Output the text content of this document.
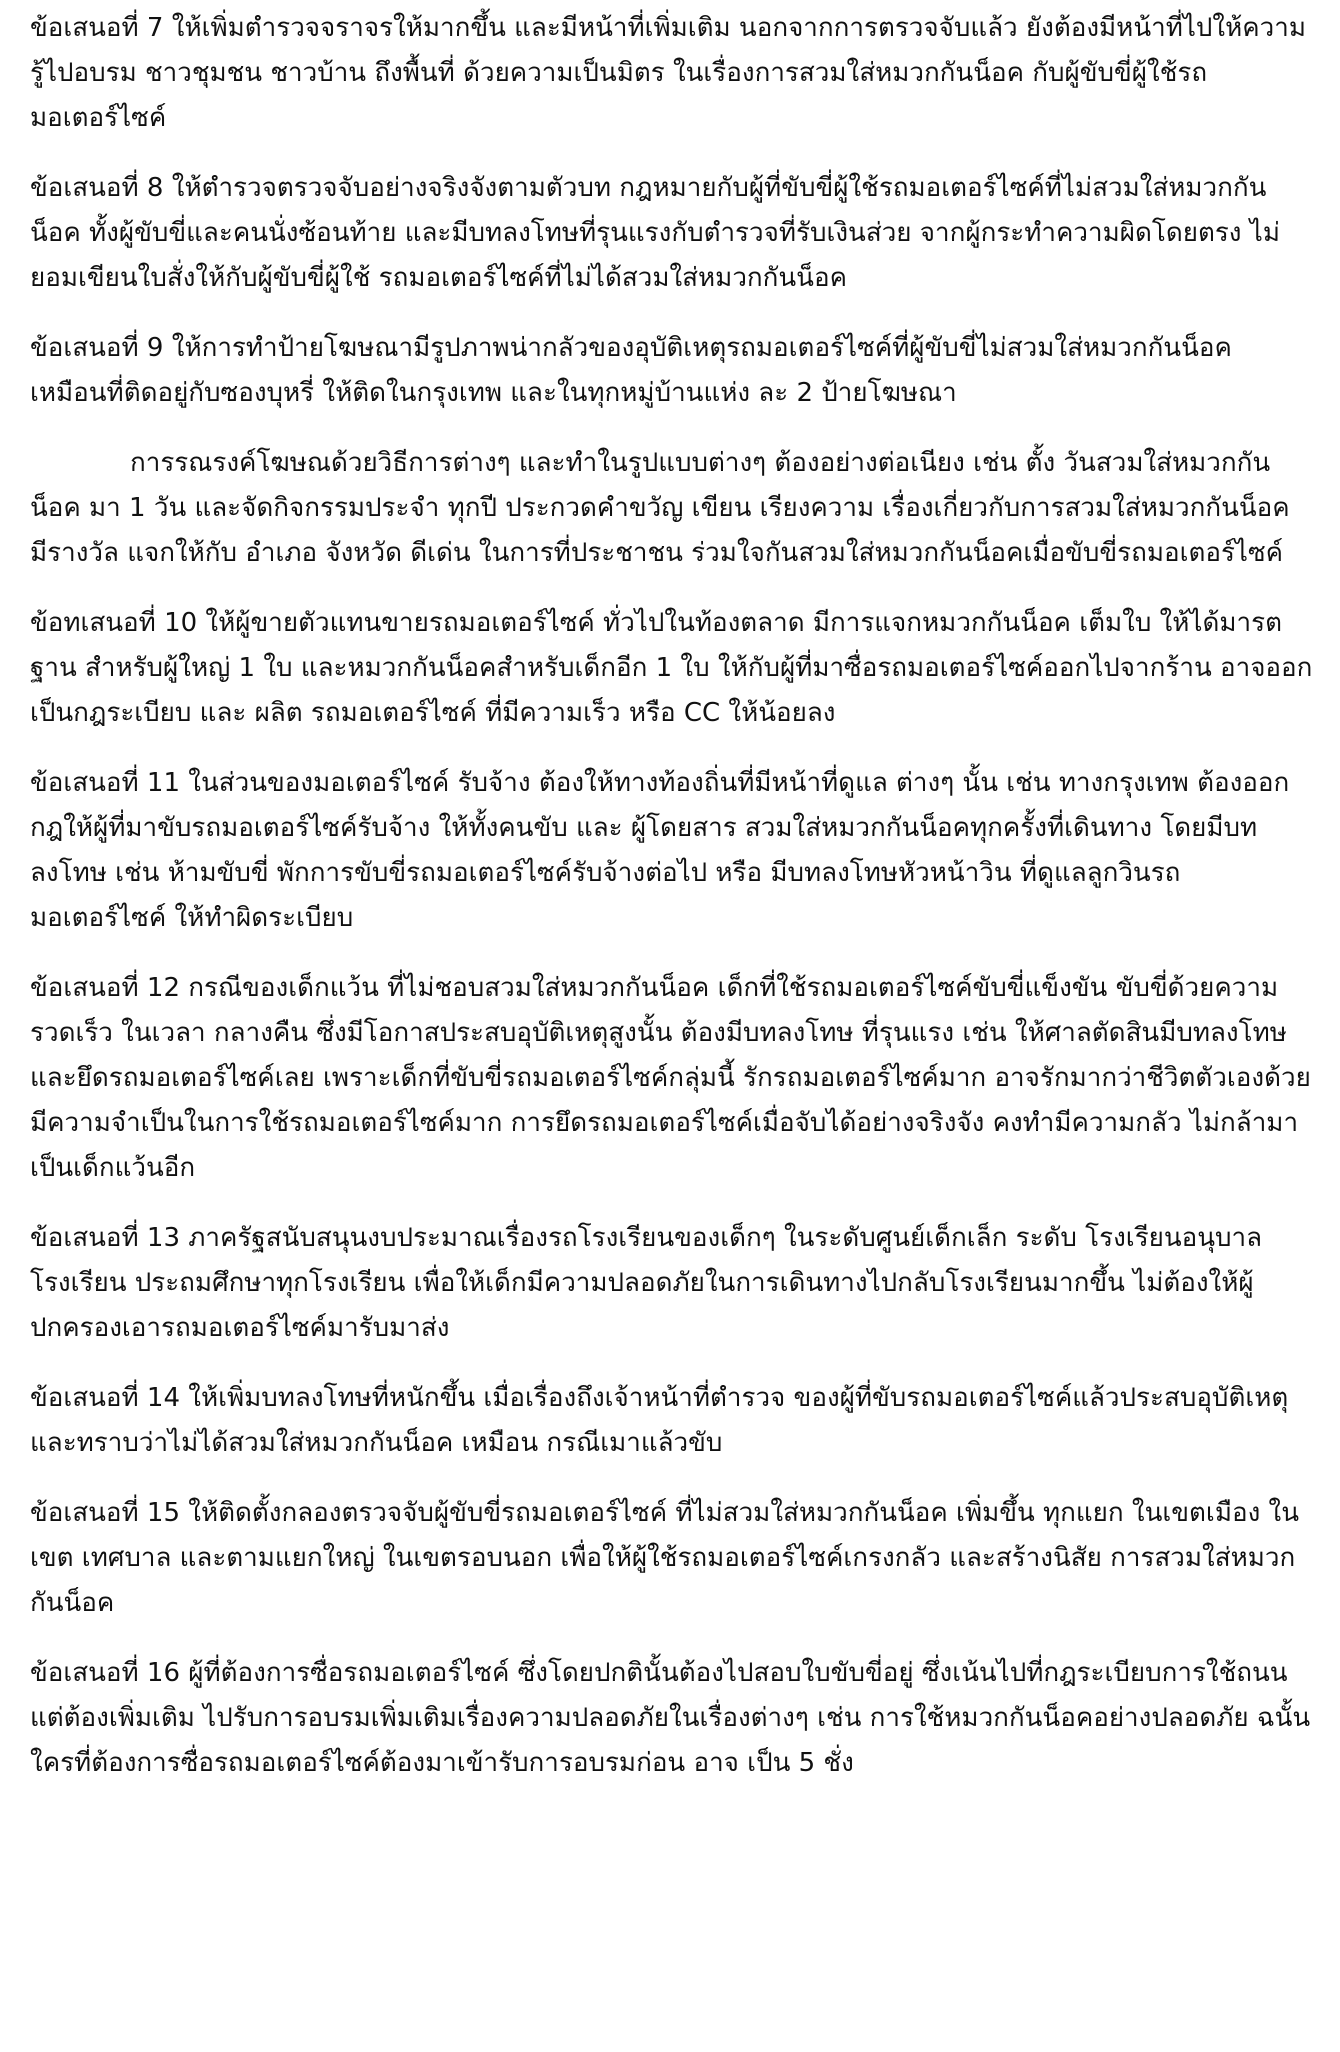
ข้อเสนอที่ 7 ให้เพิ่มตำรวจจราจรให้มากขึ้น และมีหน้าที่เพิ่มเติม นอกจากการตรวจจับแล้ว ยังต้องมีหน้าที่ไปให้ความรู้ไปอบรม ชาวชุมชน ชาวบ้าน ถึงพื้นที่ ด้วยความเป็นมิตร ในเรื่องการสวมใส่หมวกกันน็อค กับผู้ขับขี่ผู้ใช้รถมอเตอร์ไซค์

ข้อเสนอที่ 8 ให้ตำรวจตรวจจับอย่างจริงจังตามตัวบท กฎหมายกับผู้ที่ขับขี่ผู้ใช้รถมอเตอร์ไซค์ที่ไม่สวมใส่หมวกกันน็อค ทั้งผู้ขับขี่และคนนั่งซ้อนท้าย และมีบทลงโทษที่รุนแรงกับตำรวจที่รับเงินส่วย จากผู้กระทำความผิดโดยตรง ไม่ยอมเขียนใบสั่งให้กับผู้ขับขี่ผู้ใช้ รถมอเตอร์ไซค์ที่ไม่ได้สวมใส่หมวกกันน็อค

ข้อเสนอที่ 9 ให้การทำป้ายโฆษณามีรูปภาพน่ากลัวของอุบัติเหตุรถมอเตอร์ไซค์ที่ผู้ขับขี่ไม่สวมใส่หมวกกันน็อค เหมือนที่ติดอยู่กับซองบุหรี่ ให้ติดในกรุงเทพ และในทุกหมู่บ้านแห่ง ละ 2 ป้ายโฆษณา

การรณรงค์โฆษณด้วยวิธีการต่างๆ และทำในรูปแบบต่างๆ ต้องอย่างต่อเนียง เช่น ตั้ง วันสวมใส่หมวกกันน็อค มา 1 วัน และจัดกิจกรรมประจำ ทุกปี ประกวดคำขวัญ เขียน เรียงความ เรื่องเกี่ยวกับการสวมใส่หมวกกันน็อค มีรางวัล แจกให้กับ อำเภอ จังหวัด ดีเด่น ในการที่ประชาชน ร่วมใจกันสวมใส่หมวกกันน็อคเมื่อขับขี่รถมอเตอร์ไซค์

ข้อทเสนอที่ 10 ให้ผู้ขายตัวแทนขายรถมอเตอร์ไซค์ ทั่วไปในท้องตลาด มีการแจกหมวกกันน็อค เต็มใบ ให้ได้มารตฐาน สำหรับผู้ใหญ่ 1 ใบ และหมวกกันน็อคสำหรับเด็กอีก 1 ใบ ให้กับผู้ที่มาซื่อรถมอเตอร์ไซค์ออกไปจากร้าน อาจออกเป็นกฎระเบียบ และ ผลิต รถมอเตอร์ไซค์ ที่มีความเร็ว หรือ CC ให้น้อยลง

ข้อเสนอที่ 11 ในส่วนของมอเตอร์ไซค์ รับจ้าง ต้องให้ทางท้องถิ่นที่มีหน้าที่ดูแล ต่างๆ นั้น เช่น ทางกรุงเทพ ต้องออกกฎให้ผู้ที่มาขับรถมอเตอร์ไซค์รับจ้าง ให้ทั้งคนขับ และ ผู้โดยสาร สวมใส่หมวกกันน็อคทุกครั้งที่เดินทาง โดยมีบทลงโทษ เช่น ห้ามขับขี่ พักการขับขี่รถมอเตอร์ไซค์รับจ้างต่อไป หรือ มีบทลงโทษหัวหน้าวิน ที่ดูแลลูกวินรถมอเตอร์ไซค์ ให้ทำผิดระเบียบ

ข้อเสนอที่ 12 กรณีของเด็กแว้น ที่ไม่ชอบสวมใส่หมวกกันน็อค เด็กที่ใช้รถมอเตอร์ไซค์ขับขี่แข็งขัน ขับขี่ด้วยความรวดเร็ว ในเวลา กลางคืน ซึ่งมีโอกาสประสบอุบัติเหตุสูงนั้น ต้องมีบทลงโทษ ที่รุนแรง เช่น ให้ศาลตัดสินมีบทลงโทษ และยึดรถมอเตอร์ไซค์เลย เพราะเด็กที่ขับขี่รถมอเตอร์ไซค์กลุ่มนี้ รักรถมอเตอร์ไซค์มาก อาจรักมากว่าชีวิตตัวเองด้วย มีความจำเป็นในการใช้รถมอเตอร์ไซค์มาก การยึดรถมอเตอร์ไซค์เมื่อจับได้อย่างจริงจัง คงทำมีความกลัว ไม่กล้ามาเป็นเด็กแว้นอีก

ข้อเสนอที่ 13 ภาครัฐสนับสนุนงบประมาณเรื่องรถโรงเรียนของเด็กๆ ในระดับศูนย์เด็กเล็ก ระดับ โรงเรียนอนุบาล โรงเรียน ประถมศึกษาทุกโรงเรียน เพื่อให้เด็กมีความปลอดภัยในการเดินทางไปกลับโรงเรียนมากขึ้น ไม่ต้องให้ผู้ปกครองเอารถมอเตอร์ไซค์มารับมาส่ง

ข้อเสนอที่ 14 ให้เพิ่มบทลงโทษที่หนักขึ้น เมื่อเรื่องถึงเจ้าหน้าที่ตำรวจ ของผู้ที่ขับรถมอเตอร์ไซค์แล้วประสบอุบัติเหตุ และทราบว่าไม่ได้สวมใส่หมวกกันน็อค เหมือน กรณีเมาแล้วขับ

ข้อเสนอที่ 15 ให้ติดตั้งกลองตรวจจับผู้ขับขี่รถมอเตอร์ไซค์ ที่ไม่สวมใส่หมวกกันน็อค เพิ่มขึ้น ทุกแยก ในเขตเมือง ในเขต เทศบาล และตามแยกใหญ่ ในเขตรอบนอก เพื่อให้ผู้ใช้รถมอเตอร์ไซค์เกรงกลัว และสร้างนิสัย การสวมใส่หมวกกันน็อค

ข้อเสนอที่ 16 ผู้ที่ต้องการซื่อรถมอเตอร์ไซค์ ซึ่งโดยปกตินั้นต้องไปสอบใบขับขี่อยู่ ซึ่งเน้นไปที่กฎระเบียบการใช้ถนน แต่ต้องเพิ่มเติม ไปรับการอบรมเพิ่มเติมเรื่องความปลอดภัยในเรื่องต่างๆ เช่น การใช้หมวกกันน็อคอย่างปลอดภัย ฉนั้น ใครที่ต้องการซื่อรถมอเตอร์ไซค์ต้องมาเข้ารับการอบรมก่อน อาจ เป็น 5 ชั่ง
